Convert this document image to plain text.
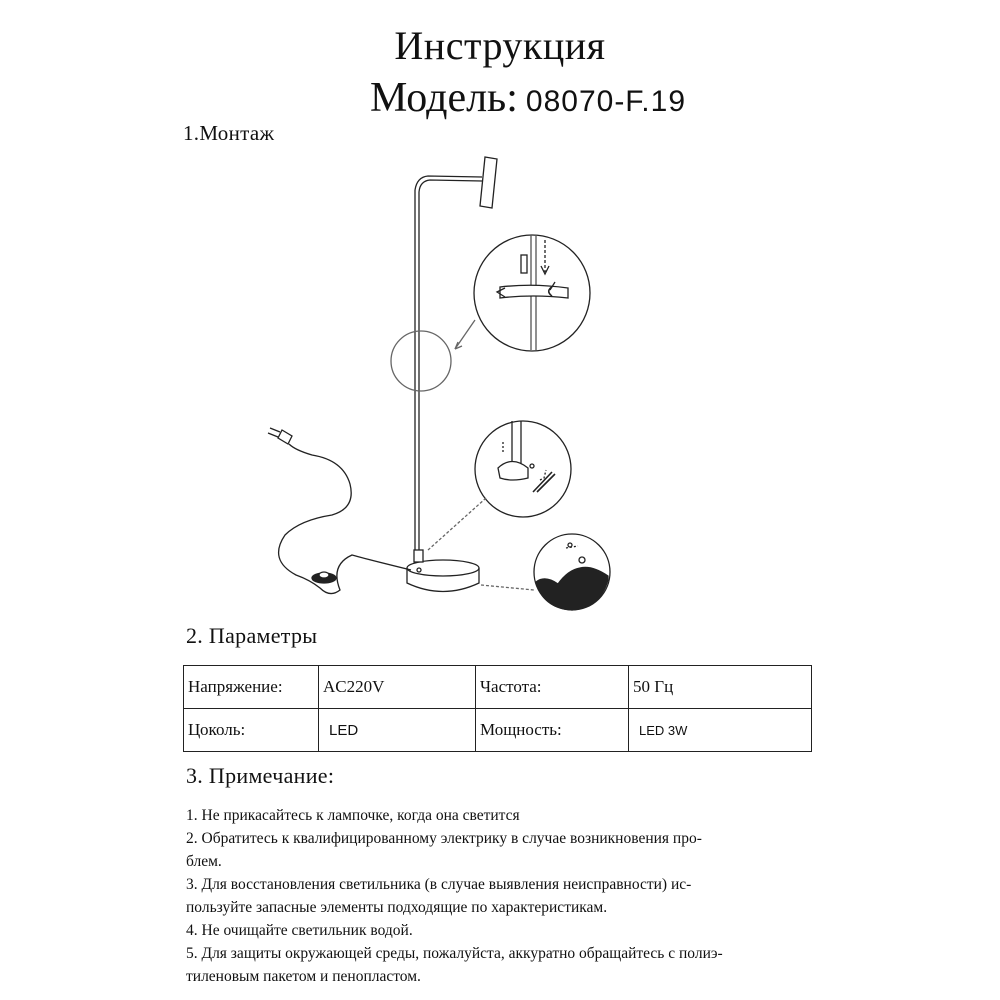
Инструкция
Модель: 08070-F.19
1.Монтаж
2. Параметры
Напряжение:	AC220V	Частота:	50 Гц
Цоколь:	LED	Мощность:	LED 3W
3. Примечание:
1. Не прикасайтесь к лампочке, когда она светится
2. Обратитесь к квалифицированному электрику в случае возникновения про-
блем.
3. Для восстановления светильника (в случае выявления неисправности) ис-
пользуйте запасные элементы подходящие по характеристикам.
4. Не очищайте светильник водой.
5. Для защиты окружающей среды, пожалуйста, аккуратно обращайтесь с полиэ-
тиленовым пакетом и пенопластом.
